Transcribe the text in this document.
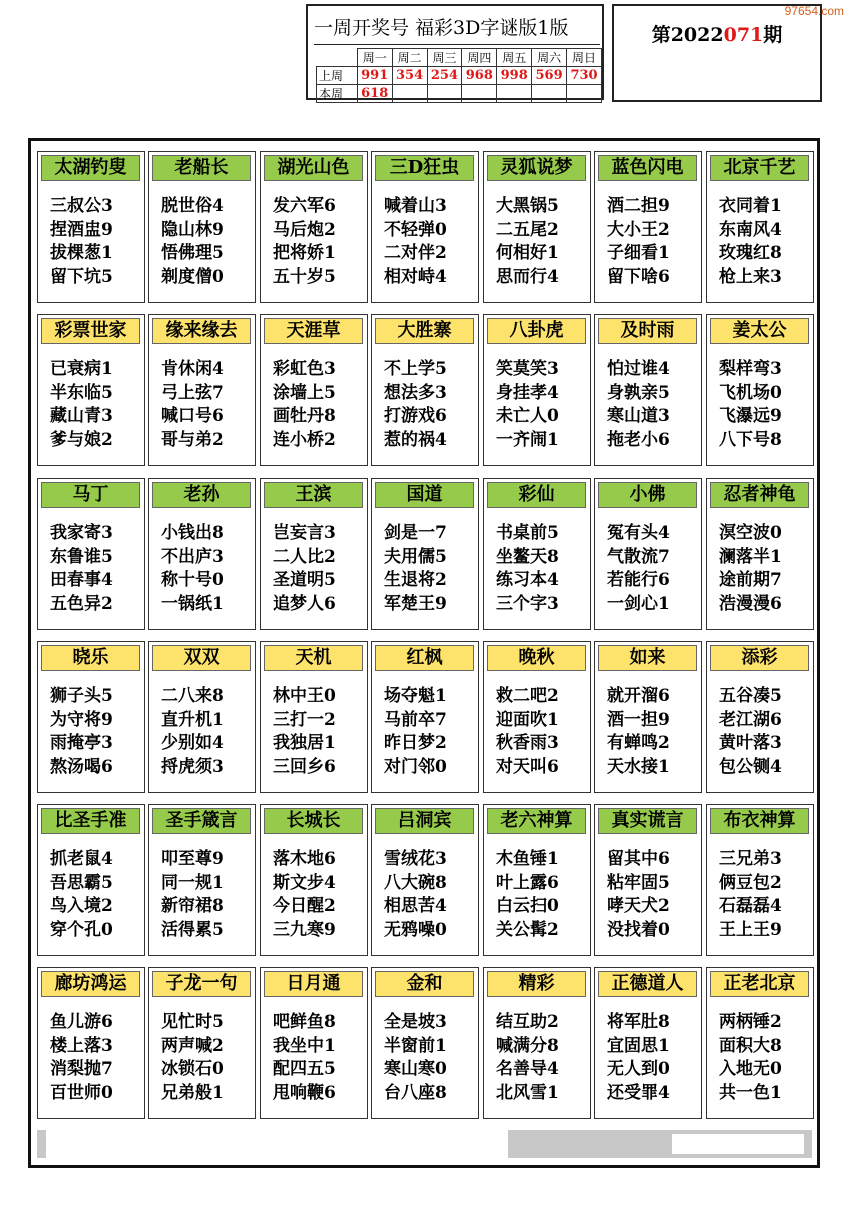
一周开奖号 福彩3D字谜版1版
	周一	周二	周三	周四	周五	周六	周日
上周	991	354	254	968	998	569	730
本周	618						
第2022071期
97654.com
太湖钓叟
三叔公3
捏酒盅9
拔棵葱1
留下坑5
老船长
脱世俗4
隐山林9
悟佛理5
剃度僧0
湖光山色
发六军6
马后炮2
把将娇1
五十岁5
三D狂虫
喊着山3
不轻弹0
二对伴2
相对峙4
灵狐说梦
大黑锅5
二五尾2
何相好1
思而行4
蓝色闪电
酒二担9
大小王2
子细看1
留下啥6
北京千艺
衣同着1
东南风4
玫瑰红8
枪上来3
彩票世家
已衰病1
半东临5
藏山青3
爹与娘2
缘来缘去
肯休闲4
弓上弦7
喊口号6
哥与弟2
天涯草
彩虹色3
涂墙上5
画牡丹8
连小桥2
大胜寨
不上学5
想法多3
打游戏6
惹的祸4
八卦虎
笑莫笑3
身挂孝4
未亡人0
一齐闹1
及时雨
怕过谁4
身孰亲5
寒山道3
拖老小6
姜太公
梨样弯3
飞机场0
飞瀑远9
八下号8
马丁
我家寄3
东鲁谁5
田春事4
五色异2
老孙
小钱出8
不出庐3
称十号0
一锅纸1
王滨
岂妄言3
二人比2
圣道明5
追梦人6
国道
剑是一7
夫用儒5
生退将2
军楚王9
彩仙
书桌前5
坐鳌天8
练习本4
三个字3
小佛
冤有头4
气散流7
若能行6
一剑心1
忍者神龟
溟空波0
澜落半1
途前期7
浩漫漫6
晓乐
狮子头5
为守将9
雨掩亭3
熬汤喝6
双双
二八来8
直升机1
少别如4
捋虎须3
天机
林中王0
三打一2
我独居1
三回乡6
红枫
场夺魁1
马前卒7
昨日梦2
对门邻0
晚秋
救二吧2
迎面吹1
秋香雨3
对天叫6
如来
就开溜6
酒一担9
有蝉鸣2
天水接1
添彩
五谷凑5
老江湖6
黄叶落3
包公铡4
比圣手准
抓老鼠4
吾思霸5
鸟入境2
穿个孔0
圣手箴言
叩至尊9
同一规1
新帘裙8
活得累5
长城长
落木地6
斯文步4
今日醒2
三九寒9
吕洞宾
雪绒花3
八大碗8
相思苦4
无鸦噪0
老六神算
木鱼锤1
叶上露6
白云扫0
关公髯2
真实谎言
留其中6
粘牢固5
哮天犬2
没找着0
布衣神算
三兄弟3
俩豆包2
石磊磊4
王上王9
廊坊鸿运
鱼儿游6
楼上落3
消梨抛7
百世师0
子龙一句
见忙时5
两声喊2
冰锁石0
兄弟般1
日月通
吧鲜鱼8
我坐中1
配四五5
甩响鞭6
金和
全是坡3
半窗前1
寒山寒0
台八座8
精彩
结互助2
喊满分8
名善导4
北风雪1
正德道人
将军肚8
宜固思1
无人到0
还受罪4
正老北京
两柄锤2
面积大8
入地无0
共一色1
